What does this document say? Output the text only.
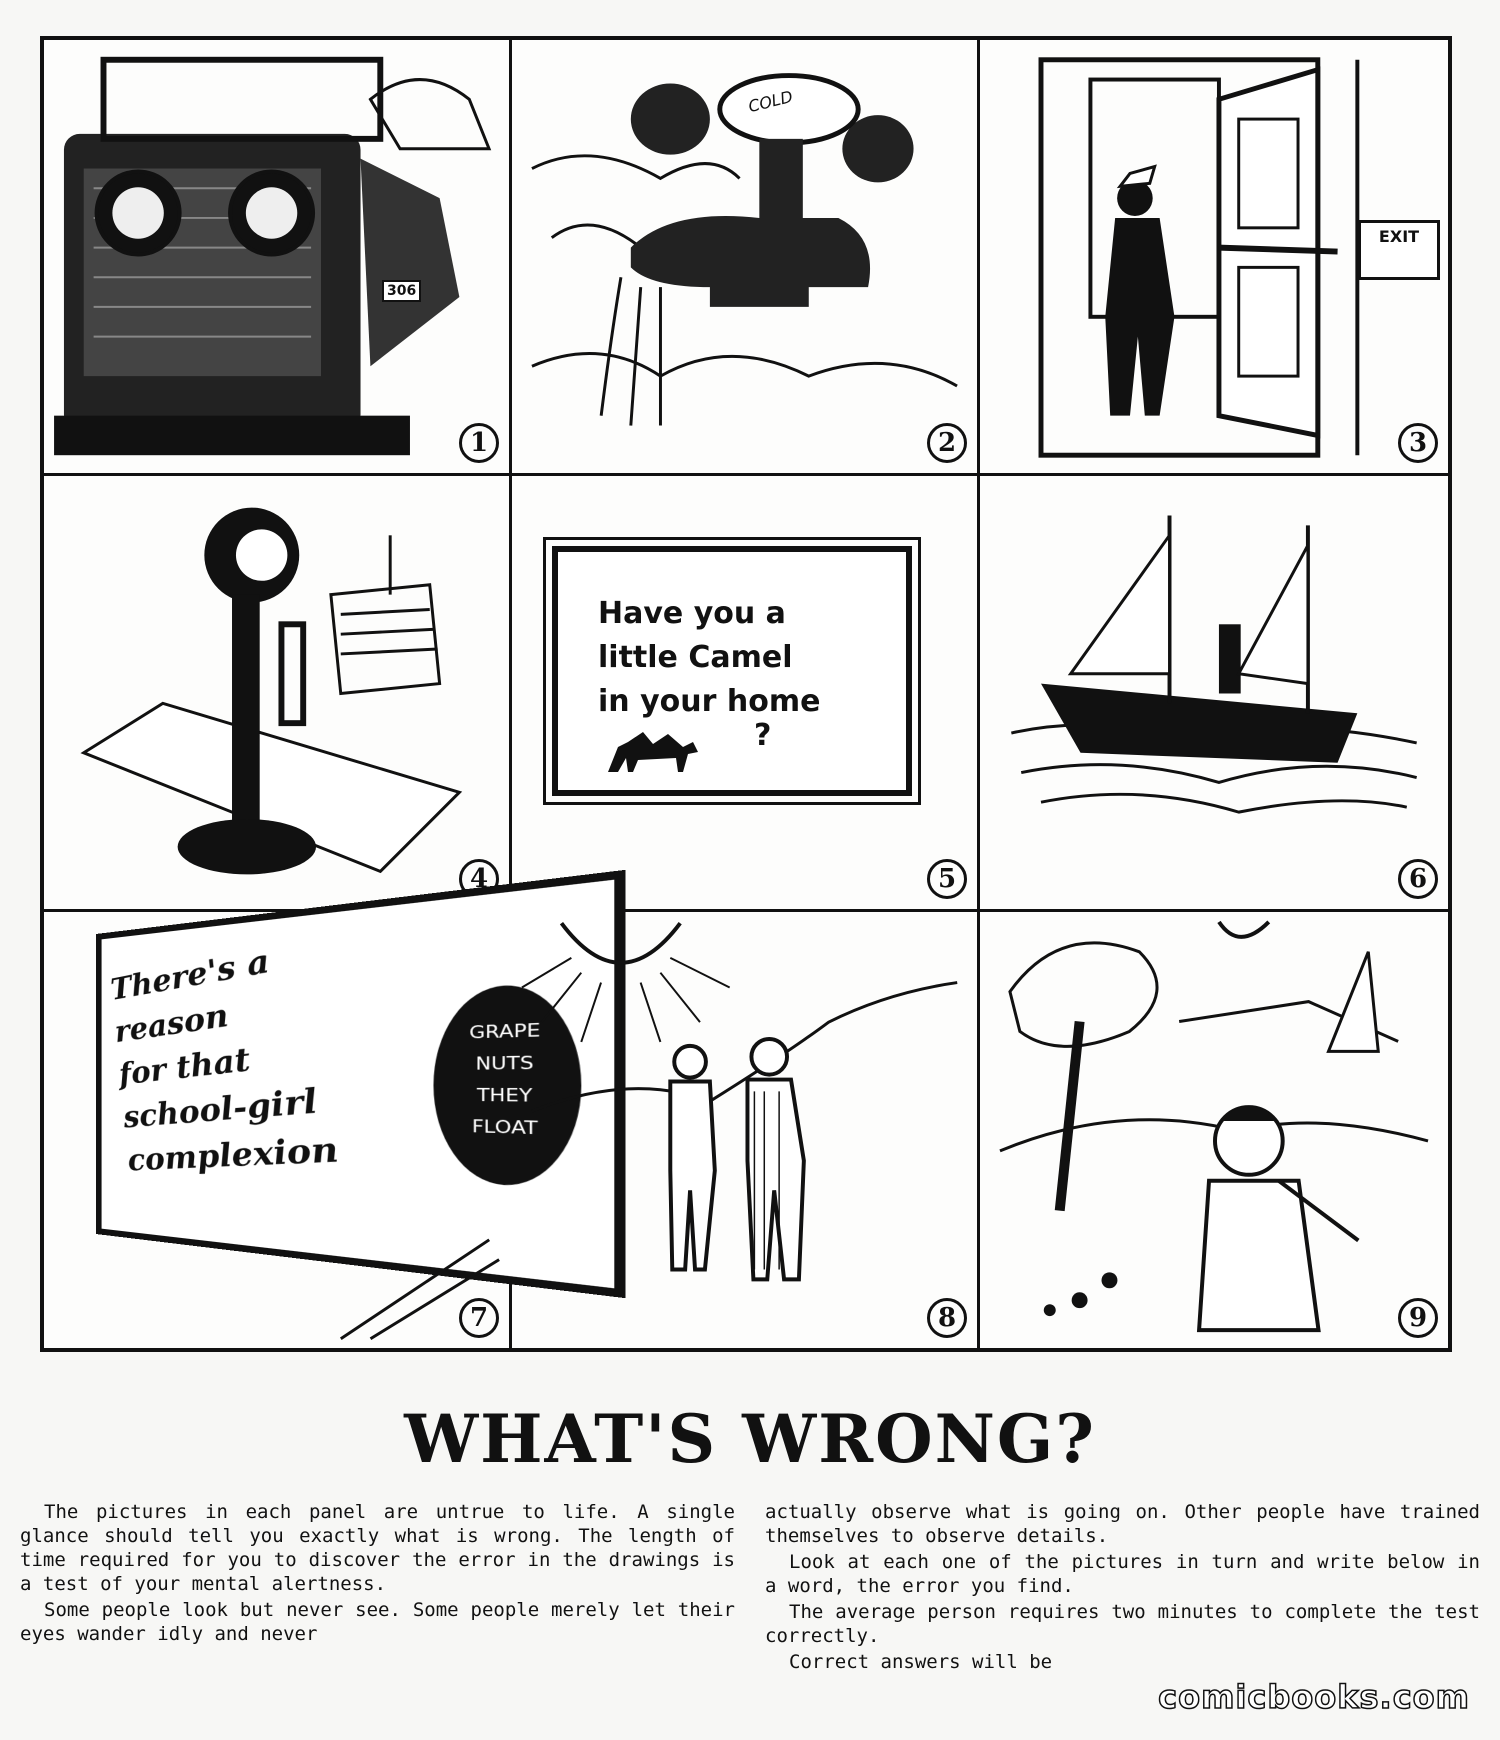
306
1
COLD
2
EXIT
3
4
Have you a
little Camel
in your home
?
5	6
There's a
reason
for that
school-girl
complexion
GRAPE
NUTS
THEY
FLOAT
7	8	9
WHAT'S WRONG?

The pictures in each panel are untrue to life. A single glance should tell you exactly what is wrong. The length of time required for you to discover the error in the drawings is a test of your mental alertness.

Some people look but never see. Some people merely let their eyes wander idly and never

actually observe what is going on. Other people have trained themselves to observe details.

Look at each one of the pictures in turn and write below in a word, the error you find.

The average person requires two minutes to complete the test correctly.

Correct answers will be

comicbooks.com
